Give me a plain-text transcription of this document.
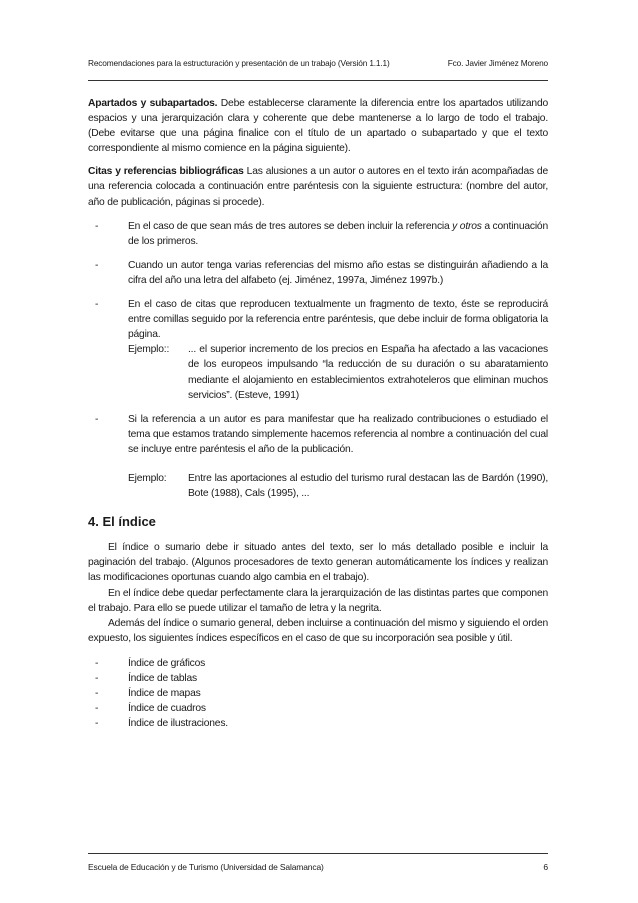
Recomendaciones para la estructuración y presentación de un trabajo (Versión 1.1.1)	Fco. Javier Jiménez Moreno

Apartados y subapartados. Debe establecerse claramente la diferencia entre los apartados utilizando espacios y una jerarquización clara y coherente que debe mantenerse a lo largo de todo el trabajo. (Debe evitarse que una página finalice con el título de un apartado o subapartado y que el texto correspondiente al mismo comience en la página siguiente).

Citas y referencias bibliográficas Las alusiones a un autor o autores en el texto irán acompañadas de una referencia colocada a continuación entre paréntesis con la siguiente estructura: (nombre del autor, año de publicación, páginas si procede).

-	En el caso de que sean más de tres autores se deben incluir la referencia y otros a continuación de los primeros.
-	Cuando un autor tenga varias referencias del mismo año estas se distinguirán añadiendo a la cifra del año una letra del alfabeto (ej. Jiménez, 1997a, Jiménez 1997b.)
-	En el caso de citas que reproducen textualmente un fragmento de texto, éste se reproducirá entre comillas seguido por la referencia entre paréntesis, que debe incluir de forma obligatoria la página.
Ejemplo::	... el superior incremento de los precios en España ha afectado a las vacaciones de los europeos impulsando “la reducción de su duración o su abaratamiento mediante el alojamiento en establecimientos extrahoteleros que eliminan muchos servicios”. (Esteve, 1991)
-	Si la referencia a un autor es para manifestar que ha realizado contribuciones o estudiado el tema que estamos tratando simplemente hacemos referencia al nombre a continuación del cual se incluye entre paréntesis el año de la publicación.
Ejemplo:	Entre las aportaciones al estudio del turismo rural destacan las de Bardón (1990), Bote (1988), Cals (1995), ...
4. El índice

El índice o sumario debe ir situado antes del texto, ser lo más detallado posible e incluir la paginación del trabajo. (Algunos procesadores de texto generan automáticamente los índices y realizan las modificaciones oportunas cuando algo cambia en el trabajo).

En el índice debe quedar perfectamente clara la jerarquización de las distintas partes que componen el trabajo. Para ello se puede utilizar el tamaño de letra y la negrita.

Además del índice o sumario general, deben incluirse a continuación del mismo y siguiendo el orden expuesto, los siguientes índices específicos en el caso de que su incorporación sea posible y útil.

-	Índice de gráficos
-	Índice de tablas
-	Índice de mapas
-	Índice de cuadros
-	Índice de ilustraciones.
Escuela de Educación y de Turismo (Universidad de Salamanca)	6
